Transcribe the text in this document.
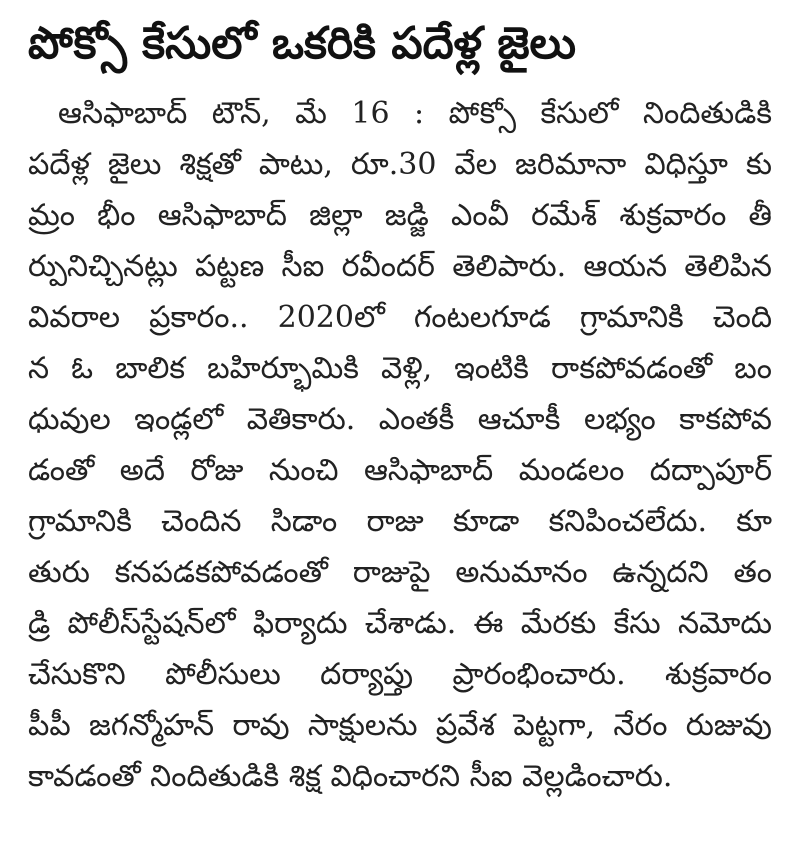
పోక్సో కేసులో ఒకరికి పదేళ్ల జైలు
ఆసిఫాబాద్ టౌన్, మే 16 : పోక్సో కేసులో నిందితుడికి
పదేళ్ల జైలు శిక్షతో పాటు, రూ.30 వేల జరిమానా విధిస్తూ కు
మ్రం భీం ఆసిఫాబాద్ జిల్లా జడ్జి ఎంవీ రమేశ్ శుక్రవారం తీ
ర్పునిచ్చినట్లు పట్టణ సీఐ రవీందర్ తెలిపారు. ఆయన తెలిపిన
వివరాల ప్రకారం.. 2020లో గంటలగూడ గ్రామానికి చెంది
న ఓ బాలిక బహిర్భూమికి వెళ్లి, ఇంటికి రాకపోవడంతో బం
ధువుల ఇండ్లలో వెతికారు. ఎంతకీ ఆచూకీ లభ్యం కాకపోవ
డంతో అదే రోజు నుంచి ఆసిఫాబాద్ మండలం దద్పాపూర్
గ్రామానికి చెందిన సిడాం రాజు కూడా కనిపించలేదు. కూ
తురు కనపడకపోవడంతో రాజుపై అనుమానం ఉన్నదని తం
డ్రి పోలీస్‌స్టేషన్‌లో ఫిర్యాదు చేశాడు. ఈ మేరకు కేసు నమోదు
చేసుకొని పోలీసులు దర్యాప్తు ప్రారంభించారు. శుక్రవారం
పీపీ జగన్మోహన్ రావు సాక్షులను ప్రవేశ పెట్టగా, నేరం రుజువు
కావడంతో నిందితుడికి శిక్ష విధించారని సీఐ వెల్లడించారు.
